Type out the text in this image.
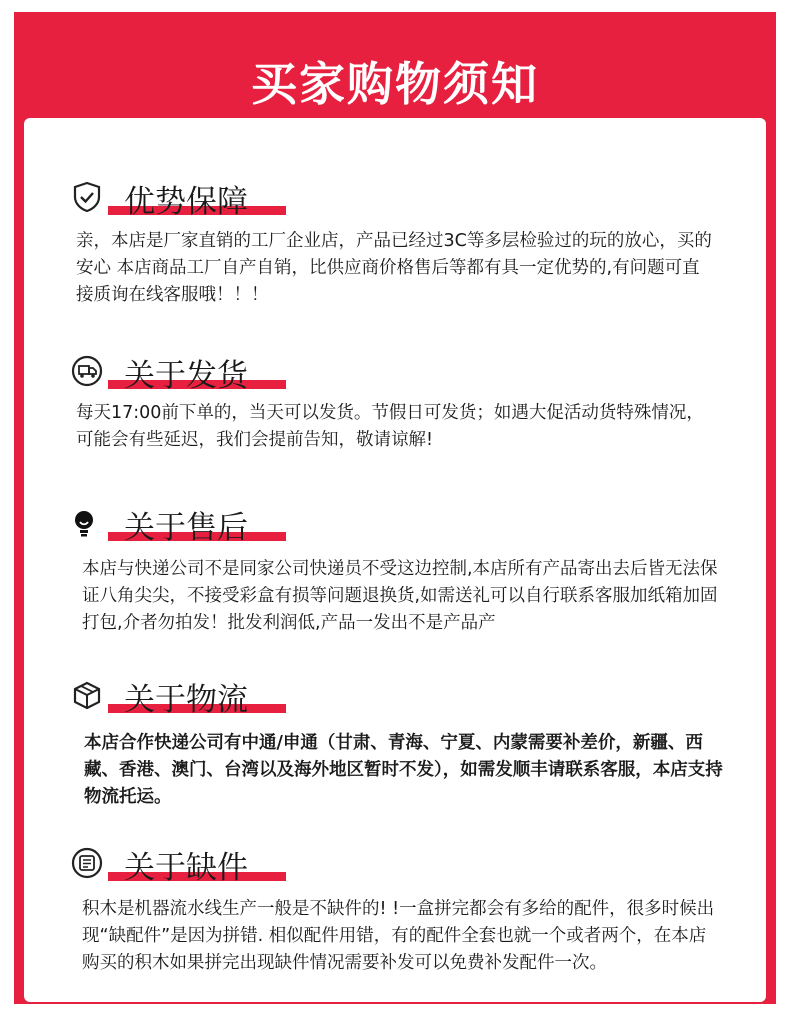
买家购物须知
优势保障
亲，本店是厂家直销的工厂企业店，产品已经过3C等多层检验过的玩的放心，买的安心 本店商品工厂自产自销，比供应商价格售后等都有具一定优势的,有问题可直接质询在线客服哦！！！
关于发货
每天17:00前下单的，当天可以发货。节假日可发货；如遇大促活动货特殊情况，可能会有些延迟，我们会提前告知，敬请谅解!
关于售后
本店与快递公司不是同家公司快递员不受这边控制,本店所有产品寄出去后皆无法保证八角尖尖，不接受彩盒有损等问题退换货,如需送礼可以自行联系客服加纸箱加固打包,介者勿拍发！批发利润低,产品一发出不是产品产
关于物流
本店合作快递公司有中通/申通（甘肃、青海、宁夏、内蒙需要补差价，新疆、西藏、香港、澳门、台湾以及海外地区暂时不发），如需发顺丰请联系客服，本店支持物流托运。
关于缺件
积木是机器流水线生产一般是不缺件的! !一盒拼完都会有多给的配件，很多时候出现“缺配件”是因为拼错. 相似配件用错，有的配件全套也就一个或者两个，在本店购买的积木如果拼完出现缺件情况需要补发可以免费补发配件一次。
